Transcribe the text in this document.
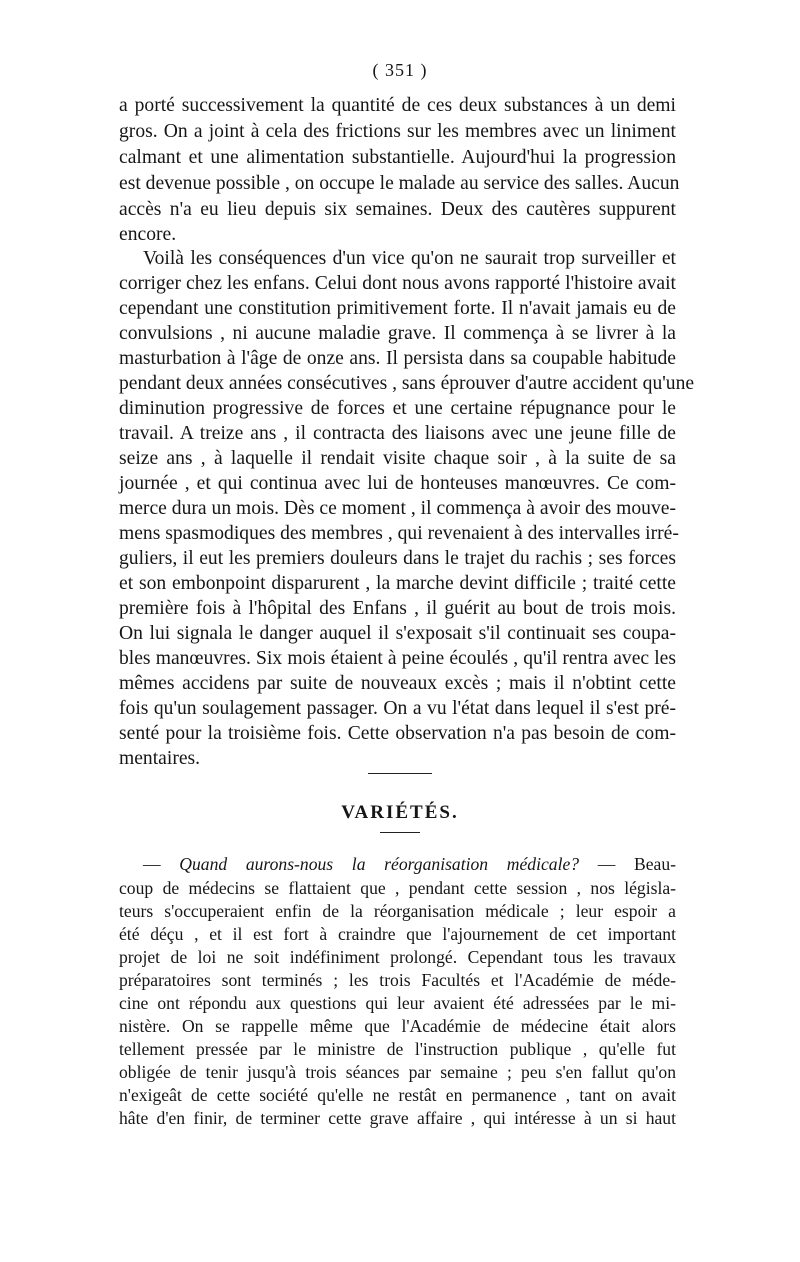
( 351 )
a porté successivement la quantité de ces deux substances à un demi
gros. On a joint à cela des frictions sur les membres avec un liniment
calmant et une alimentation substantielle. Aujourd'hui la progression
est devenue possible , on occupe le malade au service des salles. Aucun
accès n'a eu lieu depuis six semaines. Deux des cautères suppurent
encore.
Voilà les conséquences d'un vice qu'on ne saurait trop surveiller et
corriger chez les enfans. Celui dont nous avons rapporté l'histoire avait
cependant une constitution primitivement forte. Il n'avait jamais eu de
convulsions , ni aucune maladie grave. Il commença à se livrer à la
masturbation à l'âge de onze ans. Il persista dans sa coupable habitude
pendant deux années consécutives , sans éprouver d'autre accident qu'une
diminution progressive de forces et une certaine répugnance pour le
travail. A treize ans , il contracta des liaisons avec une jeune fille de
seize ans , à laquelle il rendait visite chaque soir , à la suite de sa
journée , et qui continua avec lui de honteuses manœuvres. Ce com-
merce dura un mois. Dès ce moment , il commença à avoir des mouve-
mens spasmodiques des membres , qui revenaient à des intervalles irré-
guliers, il eut les premiers douleurs dans le trajet du rachis ; ses forces
et son embonpoint disparurent , la marche devint difficile ; traité cette
première fois à l'hôpital des Enfans , il guérit au bout de trois mois.
On lui signala le danger auquel il s'exposait s'il continuait ses coupa-
bles manœuvres. Six mois étaient à peine écoulés , qu'il rentra avec les
mêmes accidens par suite de nouveaux excès ; mais il n'obtint cette
fois qu'un soulagement passager. On a vu l'état dans lequel il s'est pré-
senté pour la troisième fois. Cette observation n'a pas besoin de com-
mentaires.
VARIÉTÉS.
— Quand aurons-nous la réorganisation médicale? — Beau-
coup de médecins se flattaient que , pendant cette session , nos législa-
teurs s'occuperaient enfin de la réorganisation médicale ; leur espoir a
été déçu , et il est fort à craindre que l'ajournement de cet important
projet de loi ne soit indéfiniment prolongé. Cependant tous les travaux
préparatoires sont terminés ; les trois Facultés et l'Académie de méde-
cine ont répondu aux questions qui leur avaient été adressées par le mi-
nistère. On se rappelle même que l'Académie de médecine était alors
tellement pressée par le ministre de l'instruction publique , qu'elle fut
obligée de tenir jusqu'à trois séances par semaine ; peu s'en fallut qu'on
n'exigeât de cette société qu'elle ne restât en permanence , tant on avait
hâte d'en finir, de terminer cette grave affaire , qui intéresse à un si haut
